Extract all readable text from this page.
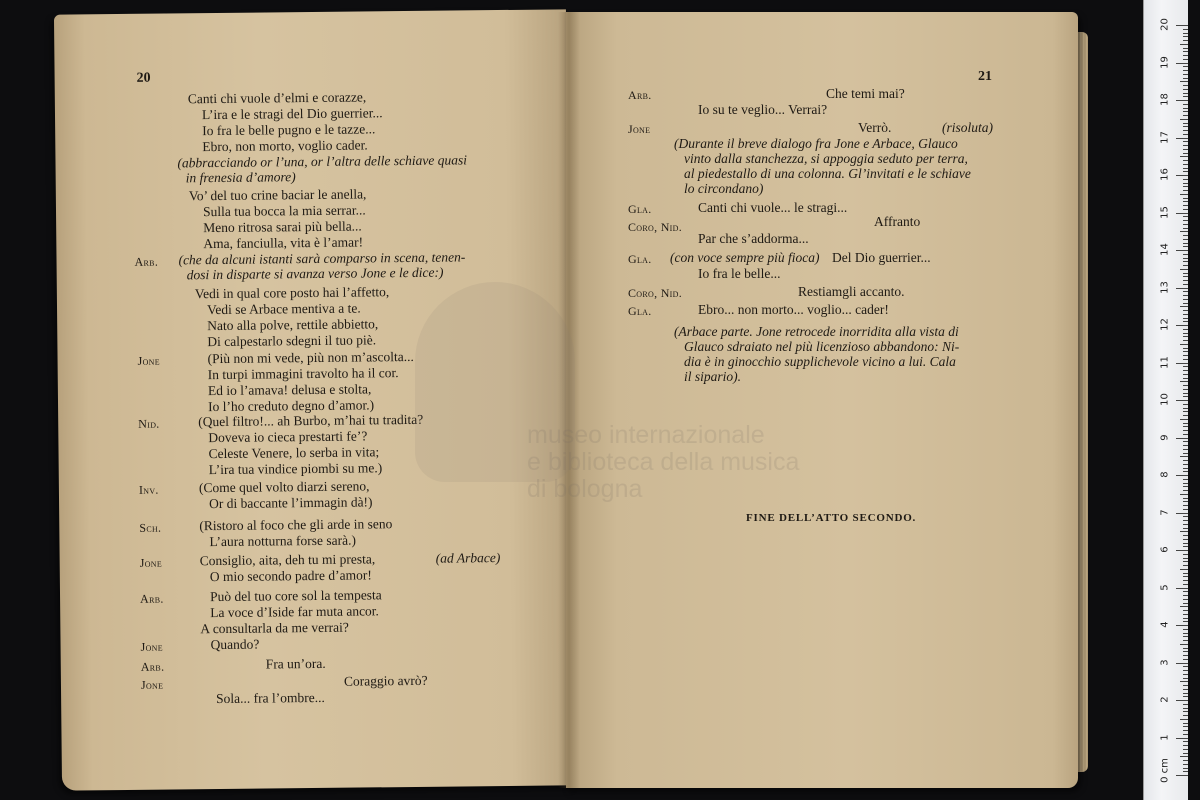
20
Canti chi vuole d’elmi e corazze,
L’ira e le stragi del Dio guerrier...
Io fra le belle pugno e le tazze...
Ebro, non morto, voglio cader.
(abbracciando or l’una, or l’altra delle schiave quasi
in frenesia d’amore)
Vo’ del tuo crine baciar le anella,
Sulla tua bocca la mia serrar...
Meno ritrosa sarai più bella...
Ama, fanciulla, vita è l’amar!
Arb. (che da alcuni istanti sarà comparso in scena, tenen-
dosi in disparte si avanza verso Jone e le dice:)
Vedi in qual core posto hai l’affetto,
Vedi se Arbace mentiva a te.
Nato alla polve, rettile abbietto,
Di calpestarlo sdegni il tuo piè.
Jone	(Più non mi vede, più non m’ascolta...
In turpi immagini travolto ha il cor.
Ed io l’amava! delusa e stolta,
Io l’ho creduto degno d’amor.)
Nid.	(Quel filtro!... ah Burbo, m’hai tu tradita?
Doveva io cieca prestarti fe’?
Celeste Venere, lo serba in vita;
L’ira tua vindice piombi su me.)
Inv.	(Come quel volto diarzi sereno,
Or di baccante l’immagin dà!)
Sch.	(Ristoro al foco che gli arde in seno
L’aura notturna forse sarà.)
Jone	Consiglio, aita, deh tu mi presta,	(ad Arbace)
O mio secondo padre d’amor!
Arb.	Può del tuo core sol la tempesta
La voce d’Iside far muta ancor.
A consultarla da me verrai?
Jone	Quando?
Arb.	Fra un’ora.
Jone	Coraggio avrò?
Sola... fra l’ombre...
21
Arb.	Che temi mai?
Io su te veglio... Verrai?
Jone	Verrò.	(risoluta)
(Durante il breve dialogo fra Jone e Arbace, Glauco
vinto dalla stanchezza, si appoggia seduto per terra,
al piedestallo di una colonna. Gl’invitati e le schiave
lo circondano)
Gla.	Canti chi vuole... le stragi...
Coro, Nid.	Affranto
Par che s’addorma...
Gla. (con voce sempre più fioca) Del Dio guerrier...
Io fra le belle...
Coro, Nid.	Restiamgli accanto.
Gla.	Ebro... non morto... voglio... cader!
(Arbace parte. Jone retrocede inorridita alla vista di
Glauco sdraiato nel più licenzioso abbandono: Ni-
dia è in ginocchio supplichevole vicino a lui. Cala
il sipario).
FINE DELL’ATTO SECONDO.
0 cm
1
2
3
4
5
6
7
8
9
10
11
12
13
14
15
16
17
18
19
20
